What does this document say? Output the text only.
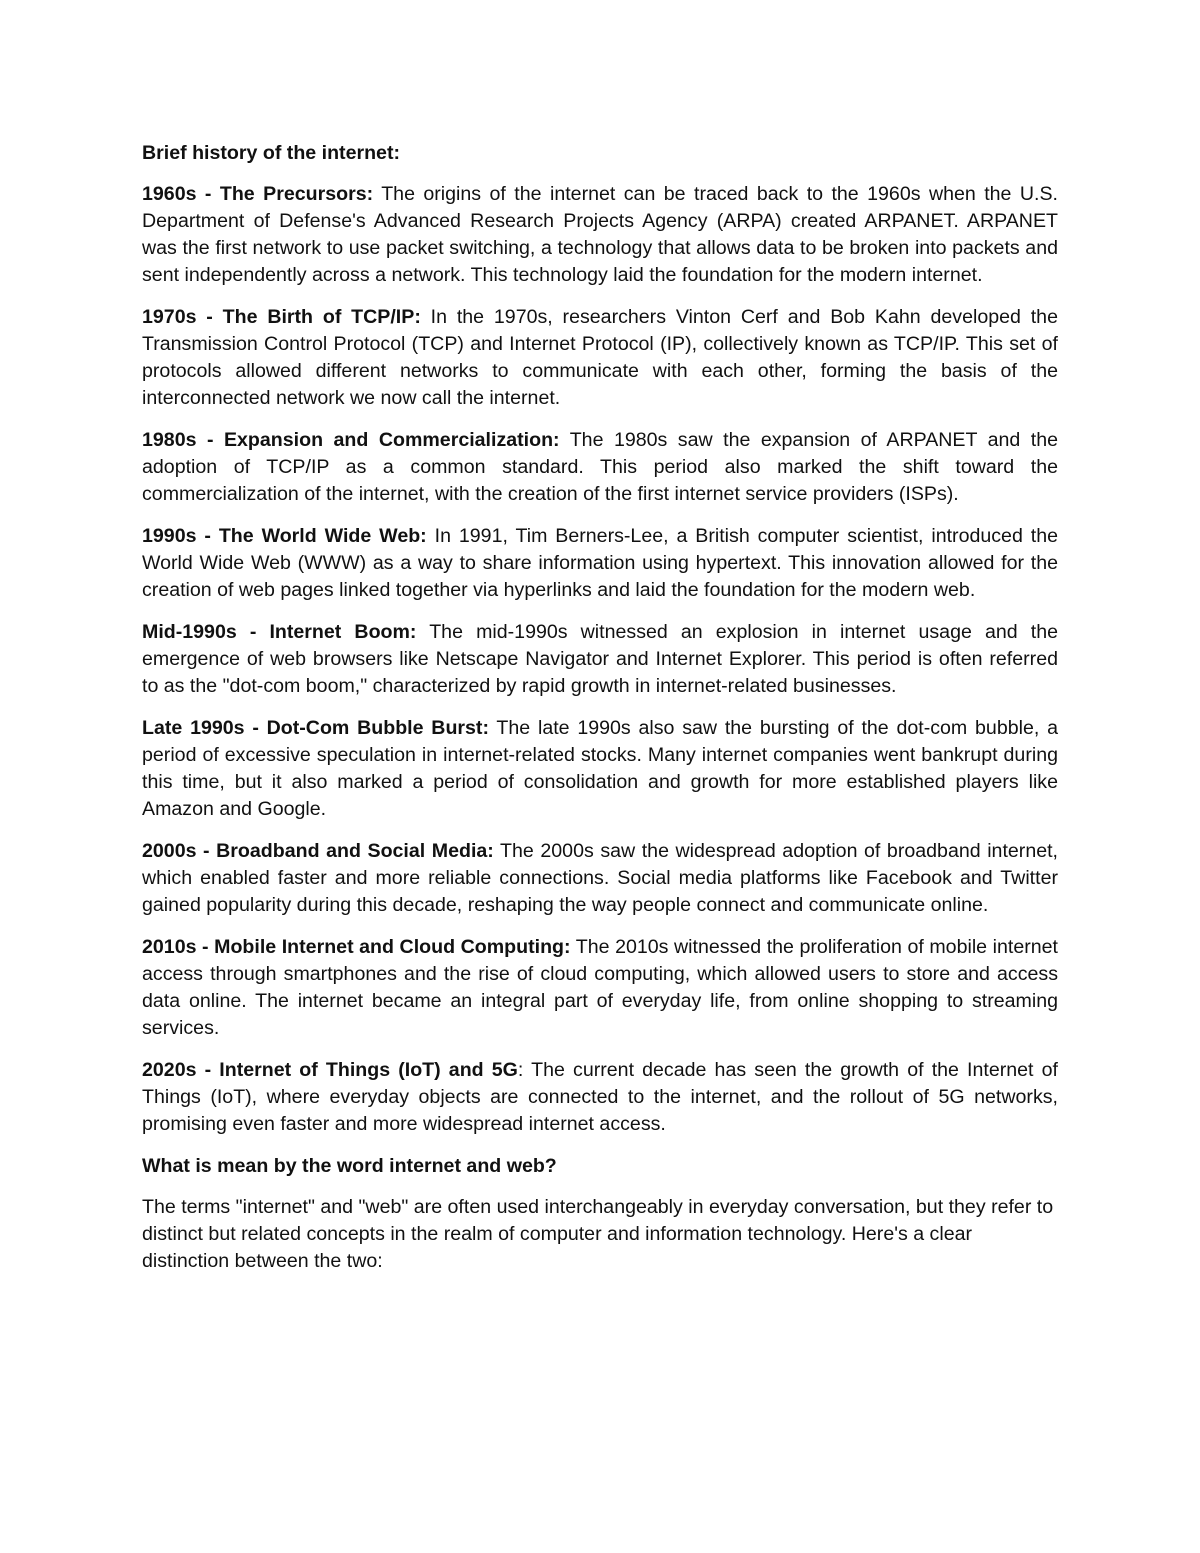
Brief history of the internet:

1960s - The Precursors: The origins of the internet can be traced back to the 1960s when the U.S. Department of Defense's Advanced Research Projects Agency (ARPA) created ARPANET. ARPANET was the first network to use packet switching, a technology that allows data to be broken into packets and sent independently across a network. This technology laid the foundation for the modern internet.

1970s - The Birth of TCP/IP: In the 1970s, researchers Vinton Cerf and Bob Kahn developed the Transmission Control Protocol (TCP) and Internet Protocol (IP), collectively known as TCP/IP. This set of protocols allowed different networks to communicate with each other, forming the basis of the interconnected network we now call the internet.

1980s - Expansion and Commercialization: The 1980s saw the expansion of ARPANET and the adoption of TCP/IP as a common standard. This period also marked the shift toward the commercialization of the internet, with the creation of the first internet service providers (ISPs).

1990s - The World Wide Web: In 1991, Tim Berners-Lee, a British computer scientist, introduced the World Wide Web (WWW) as a way to share information using hypertext. This innovation allowed for the creation of web pages linked together via hyperlinks and laid the foundation for the modern web.

Mid-1990s - Internet Boom: The mid-1990s witnessed an explosion in internet usage and the emergence of web browsers like Netscape Navigator and Internet Explorer. This period is often referred to as the "dot-com boom," characterized by rapid growth in internet-related businesses.

Late 1990s - Dot-Com Bubble Burst: The late 1990s also saw the bursting of the dot-com bubble, a period of excessive speculation in internet-related stocks. Many internet companies went bankrupt during this time, but it also marked a period of consolidation and growth for more established players like Amazon and Google.

2000s - Broadband and Social Media: The 2000s saw the widespread adoption of broadband internet, which enabled faster and more reliable connections. Social media platforms like Facebook and Twitter gained popularity during this decade, reshaping the way people connect and communicate online.

2010s - Mobile Internet and Cloud Computing: The 2010s witnessed the proliferation of mobile internet access through smartphones and the rise of cloud computing, which allowed users to store and access data online. The internet became an integral part of everyday life, from online shopping to streaming services.

2020s - Internet of Things (IoT) and 5G: The current decade has seen the growth of the Internet of Things (IoT), where everyday objects are connected to the internet, and the rollout of 5G networks, promising even faster and more widespread internet access.

What is mean by the word internet and web?

The terms "internet" and "web" are often used interchangeably in everyday conversation, but they refer to distinct but related concepts in the realm of computer and information technology. Here's a clear distinction between the two:
